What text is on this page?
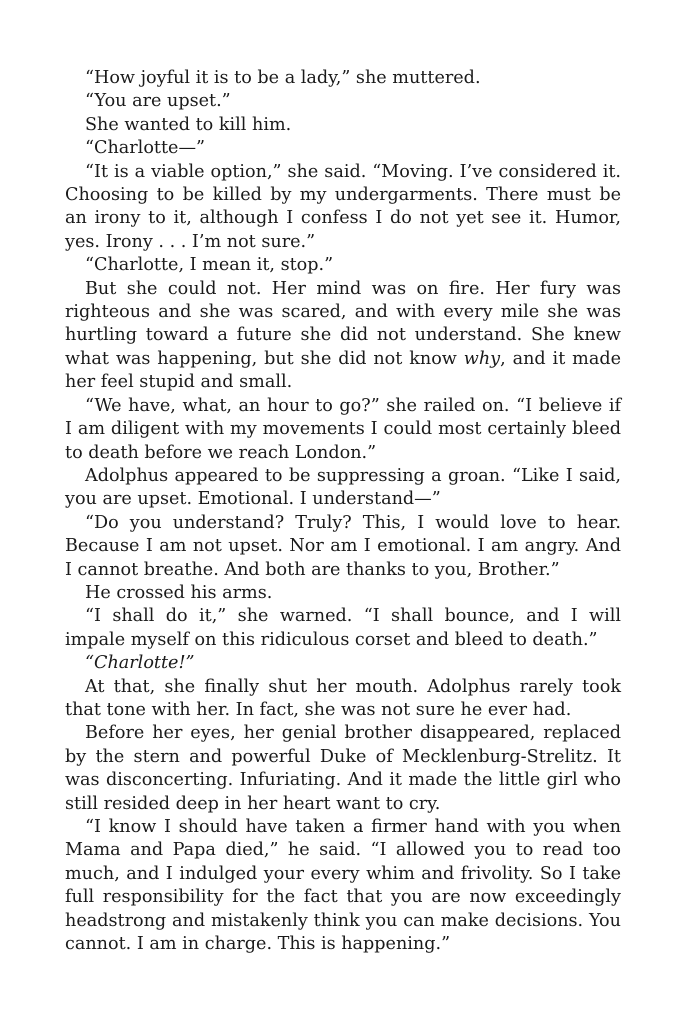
“How joyful it is to be a lady,” she muttered.

“You are upset.”

She wanted to kill him.

“Charlotte—”

“It is a viable option,” she said. “Moving. I’ve considered it. Choosing to be killed by my undergarments. There must be an irony to it, although I confess I do not yet see it. Humor, yes. Irony . . . I’m not sure.”

“Charlotte, I mean it, stop.”

But she could not. Her mind was on fire. Her fury was righteous and she was scared, and with every mile she was hurtling toward a future she did not understand. She knew what was happening, but she did not know why, and it made her feel stupid and small.

“We have, what, an hour to go?” she railed on. “I believe if I am diligent with my movements I could most certainly bleed to death before we reach London.”

Adolphus appeared to be suppressing a groan. “Like I said, you are upset. Emotional. I understand—”

“Do you understand? Truly? This, I would love to hear. Because I am not upset. Nor am I emotional. I am angry. And I cannot breathe. And both are thanks to you, Brother.”

He crossed his arms.

“I shall do it,” she warned. “I shall bounce, and I will impale myself on this ridiculous corset and bleed to death.”

“Charlotte!”

At that, she finally shut her mouth. Adolphus rarely took that tone with her. In fact, she was not sure he ever had.

Before her eyes, her genial brother disappeared, replaced by the stern and powerful Duke of Mecklenburg-Strelitz. It was disconcerting. Infuriating. And it made the little girl who still resided deep in her heart want to cry.

“I know I should have taken a firmer hand with you when Mama and Papa died,” he said. “I allowed you to read too much, and I indulged your every whim and frivolity. So I take full responsibility for the fact that you are now exceedingly headstrong and mistakenly think you can make decisions. You cannot. I am in charge. This is happening.”
